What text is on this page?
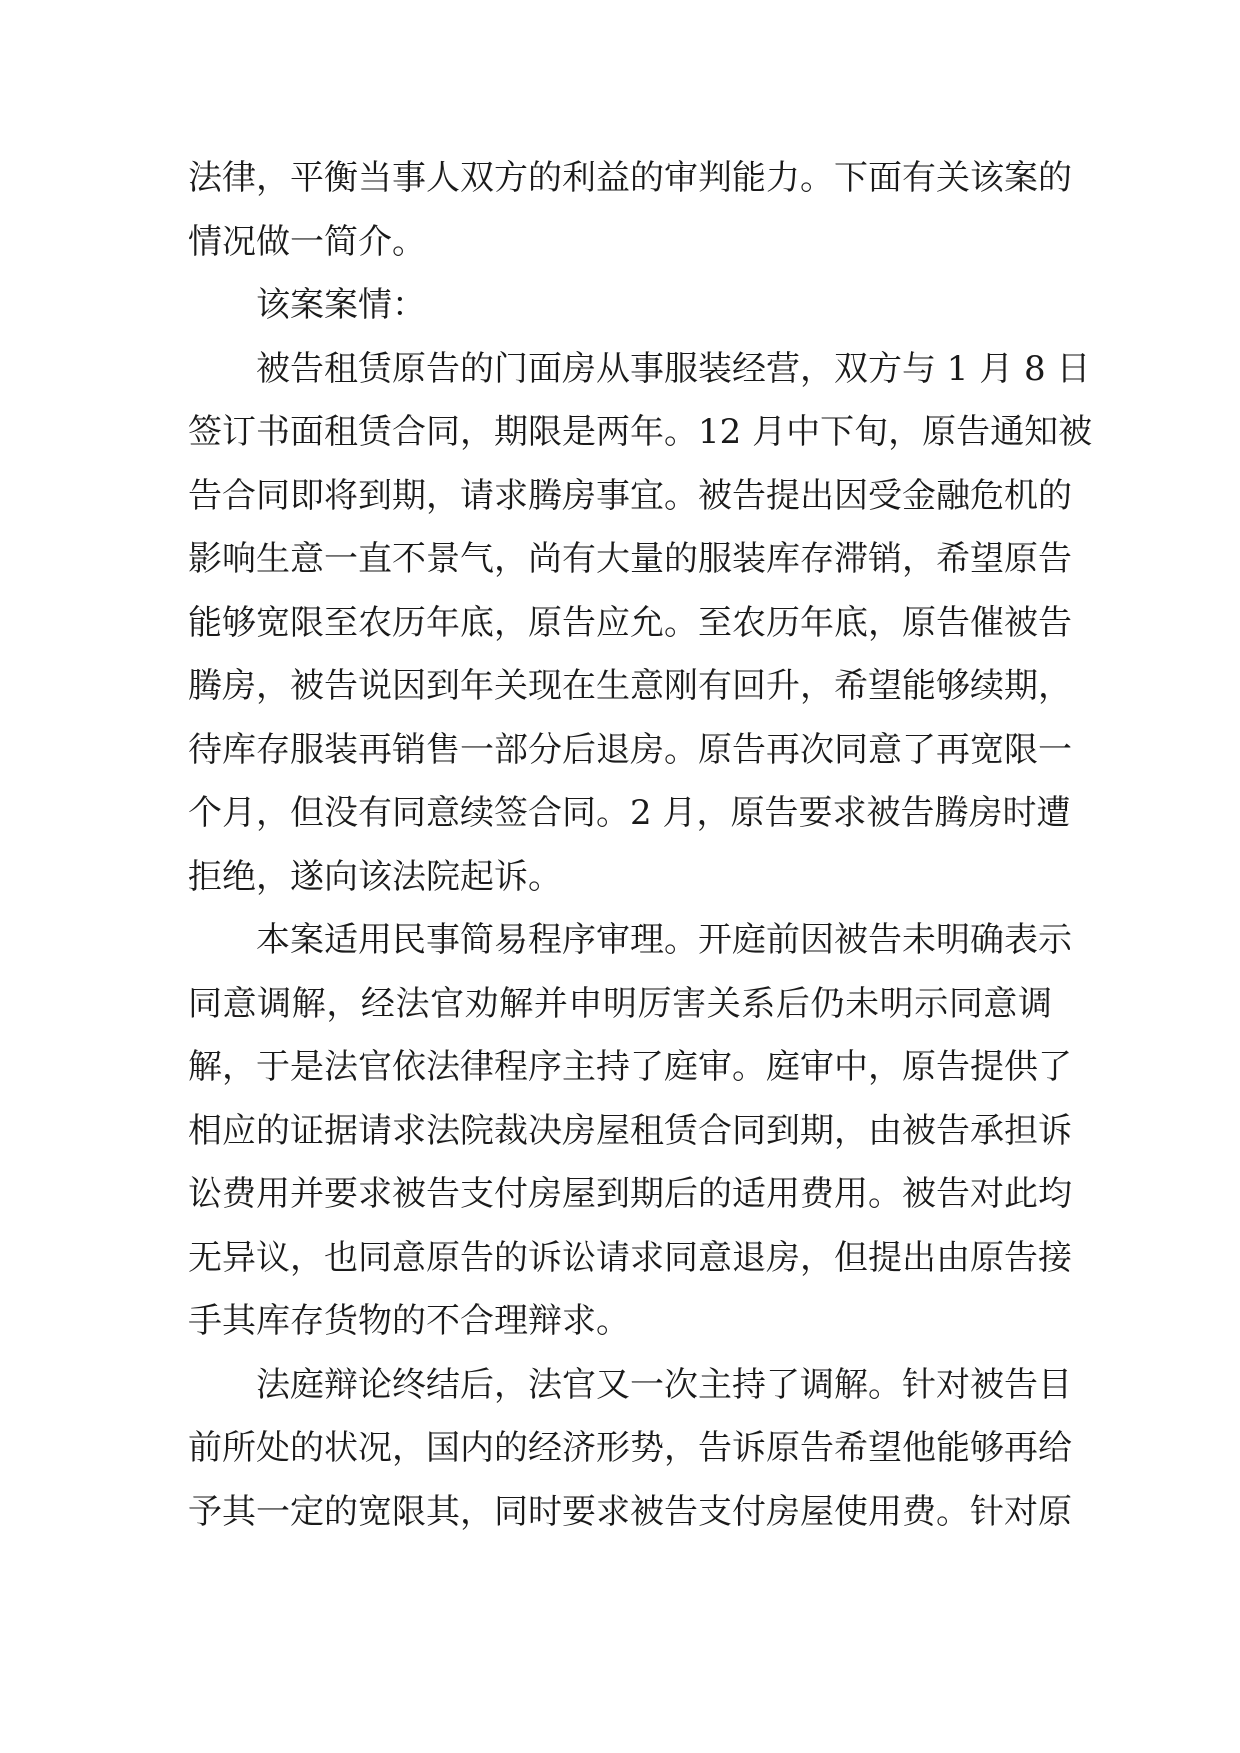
法律，平衡当事人双方的利益的审判能力。下面有关该案的
情况做一简介。
该案案情：
被告租赁原告的门面房从事服装经营，双方与 1 月 8 日
签订书面租赁合同，期限是两年。12 月中下旬，原告通知被
告合同即将到期，请求腾房事宜。被告提出因受金融危机的
影响生意一直不景气，尚有大量的服装库存滞销，希望原告
能够宽限至农历年底，原告应允。至农历年底，原告催被告
腾房，被告说因到年关现在生意刚有回升，希望能够续期，
待库存服装再销售一部分后退房。原告再次同意了再宽限一
个月，但没有同意续签合同。2 月，原告要求被告腾房时遭
拒绝，遂向该法院起诉。
本案适用民事简易程序审理。开庭前因被告未明确表示
同意调解，经法官劝解并申明厉害关系后仍未明示同意调
解，于是法官依法律程序主持了庭审。庭审中，原告提供了
相应的证据请求法院裁决房屋租赁合同到期，由被告承担诉
讼费用并要求被告支付房屋到期后的适用费用。被告对此均
无异议，也同意原告的诉讼请求同意退房，但提出由原告接
手其库存货物的不合理辩求。
法庭辩论终结后，法官又一次主持了调解。针对被告目
前所处的状况，国内的经济形势，告诉原告希望他能够再给
予其一定的宽限其，同时要求被告支付房屋使用费。针对原
